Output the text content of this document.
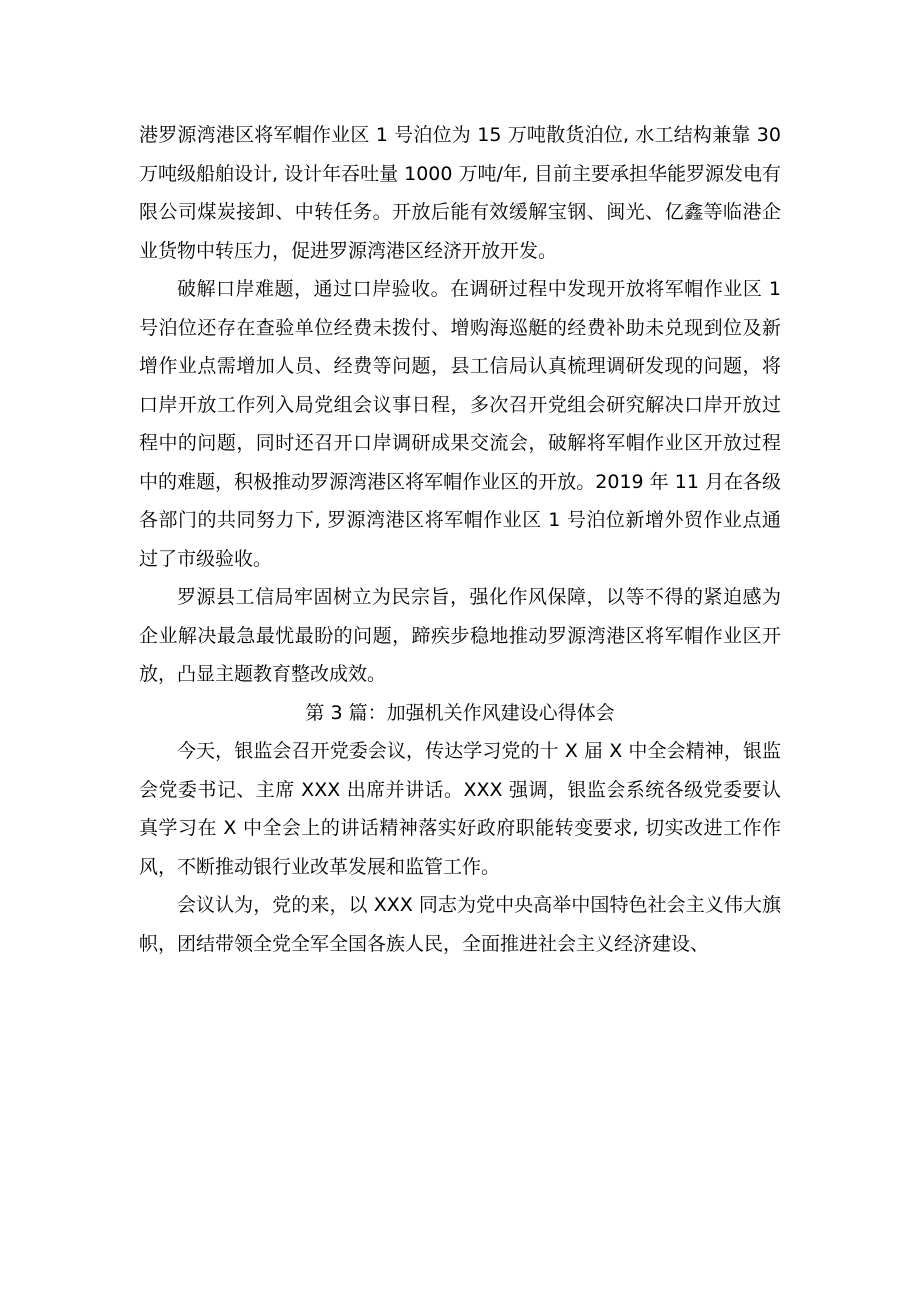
港罗源湾港区将军帽作业区 1 号泊位为 15 万吨散货泊位, 水工结构兼靠 30 万吨级船舶设计, 设计年吞吐量 1000 万吨/年, 目前主要承担华能罗源发电有限公司煤炭接卸、中转任务。开放后能有效缓解宝钢、闽光、亿鑫等临港企业货物中转压力，促进罗源湾港区经济开放开发。

破解口岸难题，通过口岸验收。在调研过程中发现开放将军帽作业区 1 号泊位还存在查验单位经费未拨付、增购海巡艇的经费补助未兑现到位及新增作业点需增加人员、经费等问题，县工信局认真梳理调研发现的问题，将口岸开放工作列入局党组会议事日程，多次召开党组会研究解决口岸开放过程中的问题，同时还召开口岸调研成果交流会，破解将军帽作业区开放过程中的难题，积极推动罗源湾港区将军帽作业区的开放。2019 年 11 月在各级各部门的共同努力下, 罗源湾港区将军帽作业区 1 号泊位新增外贸作业点通过了市级验收。

罗源县工信局牢固树立为民宗旨，强化作风保障，以等不得的紧迫感为企业解决最急最忧最盼的问题，蹄疾步稳地推动罗源湾港区将军帽作业区开放，凸显主题教育整改成效。

第 3 篇：加强机关作风建设心得体会

今天，银监会召开党委会议，传达学习党的十 X 届 X 中全会精神，银监会党委书记、主席 XXX 出席并讲话。XXX 强调，银监会系统各级党委要认真学习在 X 中全会上的讲话精神落实好政府职能转变要求, 切实改进工作作风，不断推动银行业改革发展和监管工作。

会议认为，党的来，以 XXX 同志为党中央高举中国特色社会主义伟大旗帜，团结带领全党全军全国各族人民，全面推进社会主义经济建设、
